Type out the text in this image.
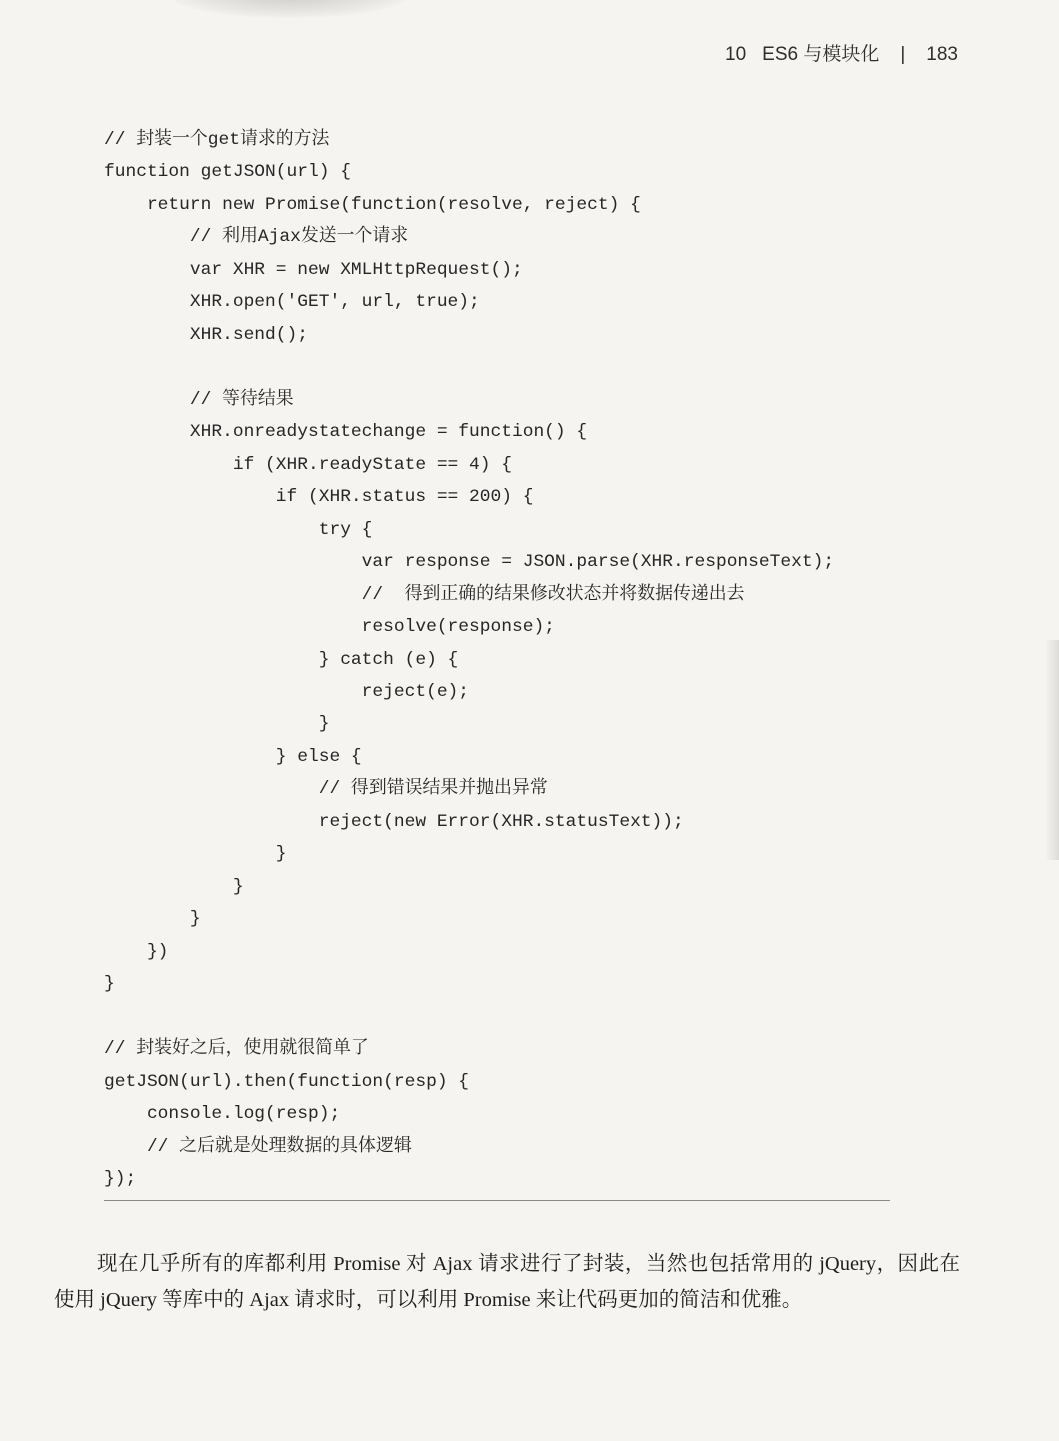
10 ES6 与模块化 | 183
// 封装一个get请求的方法
function getJSON(url) {
return new Promise(function(resolve, reject) {
// 利用Ajax发送一个请求
var XHR = new XMLHttpRequest();
XHR.open('GET', url, true);
XHR.send();
// 等待结果
XHR.onreadystatechange = function() {
if (XHR.readyState == 4) {
if (XHR.status == 200) {
try {
var response = JSON.parse(XHR.responseText);
//  得到正确的结果修改状态并将数据传递出去
resolve(response);
} catch (e) {
reject(e);
}
} else {
// 得到错误结果并抛出异常
reject(new Error(XHR.statusText));
}
}
}
})
}
// 封装好之后，使用就很简单了
getJSON(url).then(function(resp) {
console.log(resp);
// 之后就是处理数据的具体逻辑
});

现在几乎所有的库都利用 Promise 对 Ajax 请求进行了封装，当然也包括常用的 jQuery，因此在使用 jQuery 等库中的 Ajax 请求时，可以利用 Promise 来让代码更加的简洁和优雅。
